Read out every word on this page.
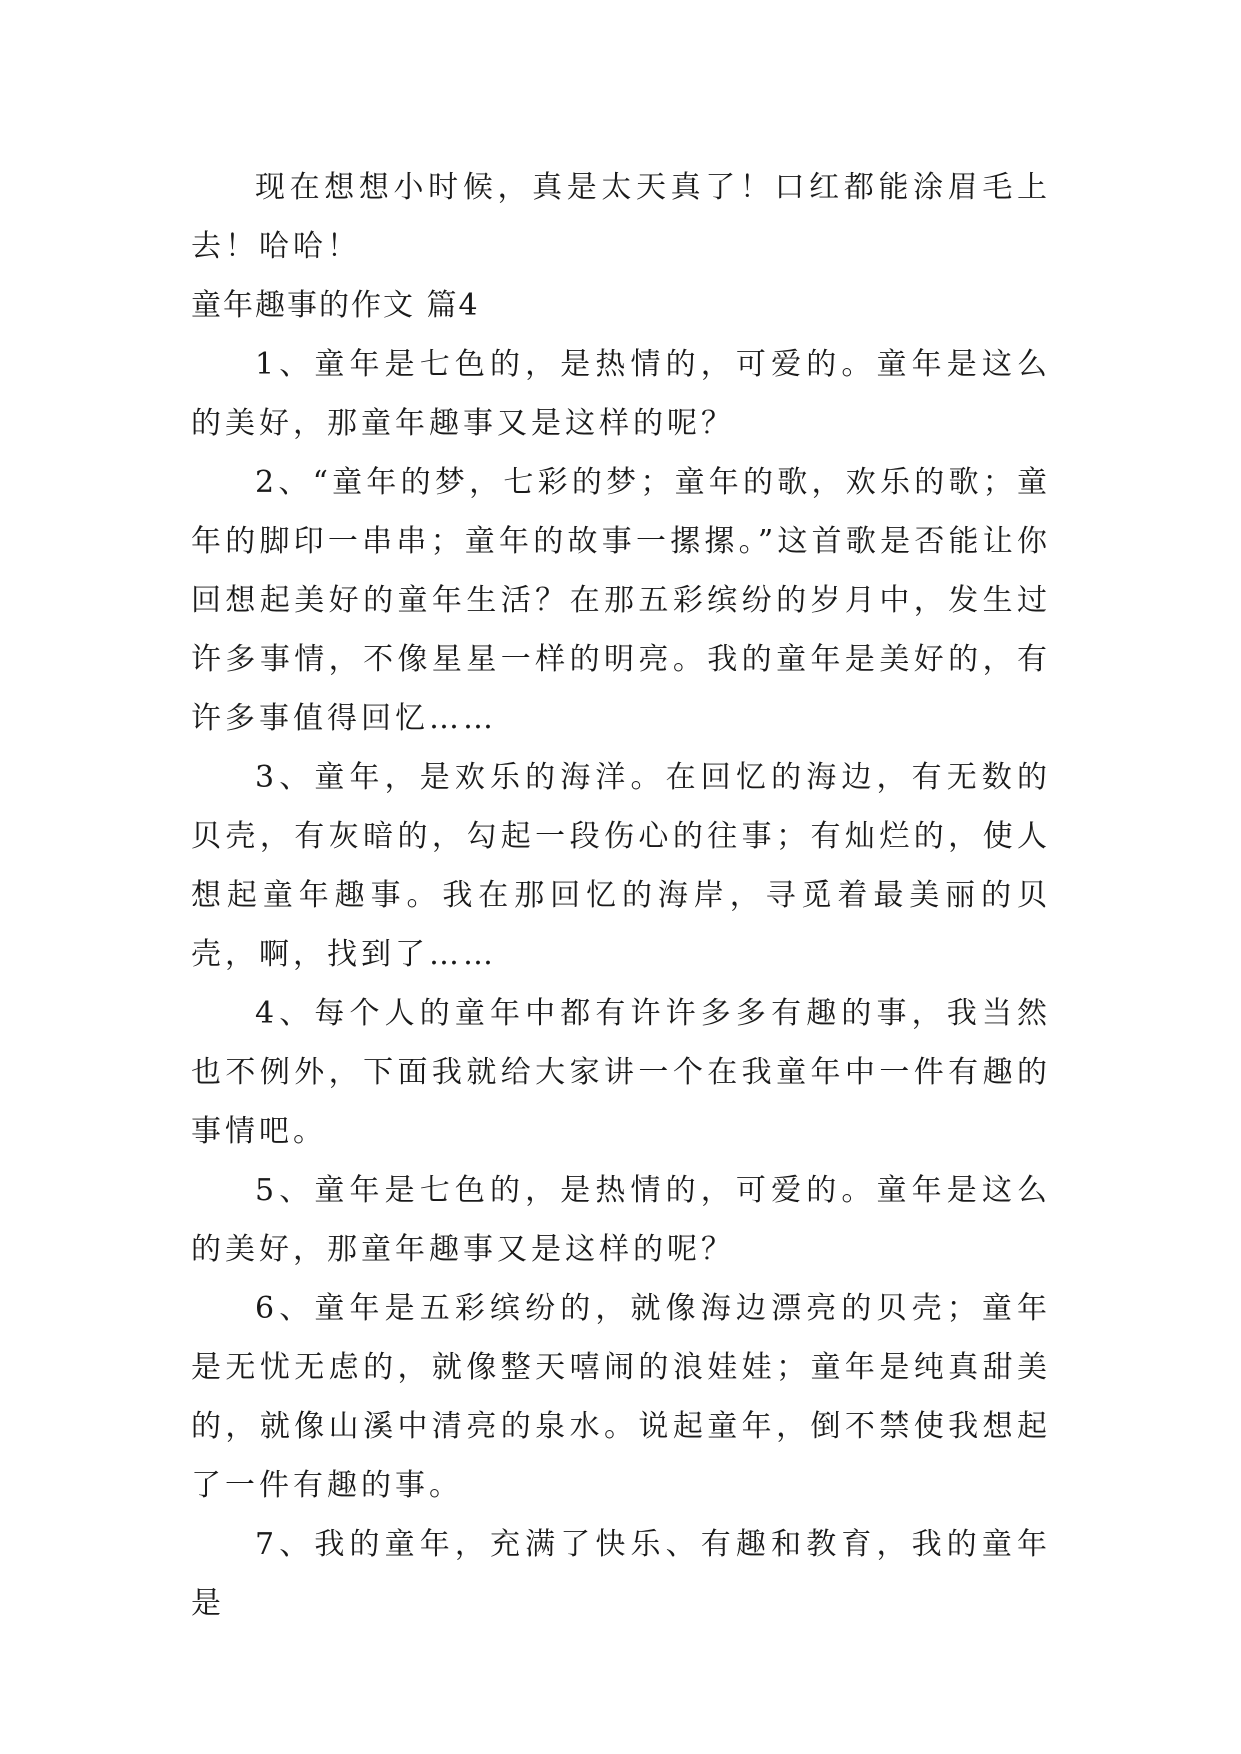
现在想想小时候，真是太天真了！口红都能涂眉毛上去！哈哈！

童年趣事的作文 篇4

1、童年是七色的，是热情的，可爱的。童年是这么的美好，那童年趣事又是这样的呢？

2、“童年的梦，七彩的梦；童年的歌，欢乐的歌；童年的脚印一串串；童年的故事一摞摞。”这首歌是否能让你回想起美好的童年生活？在那五彩缤纷的岁月中，发生过许多事情，不像星星一样的明亮。我的童年是美好的，有许多事值得回忆……

3、童年，是欢乐的海洋。在回忆的海边，有无数的贝壳，有灰暗的，勾起一段伤心的往事；有灿烂的，使人想起童年趣事。我在那回忆的海岸，寻觅着最美丽的贝壳，啊，找到了……

4、每个人的童年中都有许许多多有趣的事，我当然也不例外，下面我就给大家讲一个在我童年中一件有趣的事情吧。

5、童年是七色的，是热情的，可爱的。童年是这么的美好，那童年趣事又是这样的呢？

6、童年是五彩缤纷的，就像海边漂亮的贝壳；童年是无忧无虑的，就像整天嘻闹的浪娃娃；童年是纯真甜美的，就像山溪中清亮的泉水。说起童年，倒不禁使我想起了一件有趣的事。

7、我的童年，充满了快乐、有趣和教育，我的童年是
